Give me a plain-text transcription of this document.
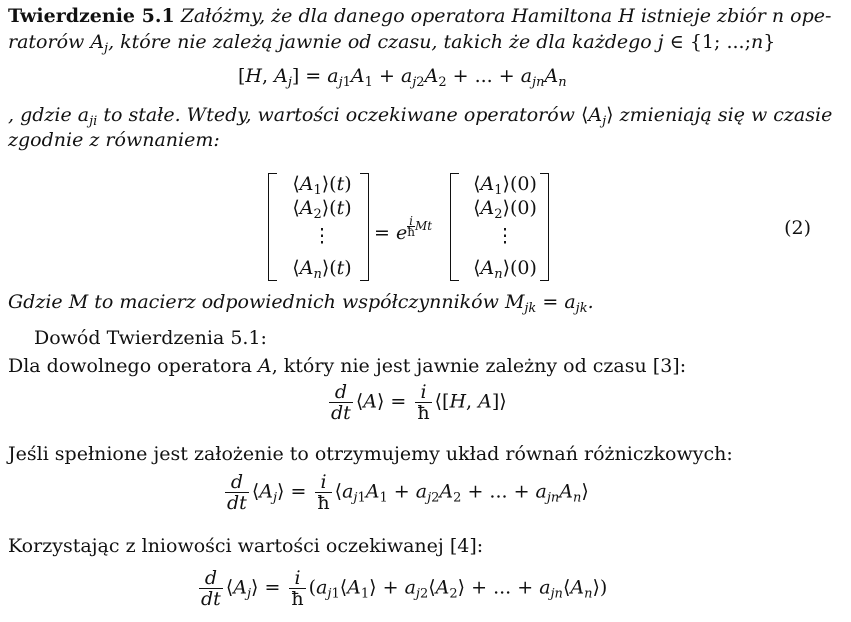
Twierdzenie 5.1 Załóżmy, że dla danego operatora Hamiltona H istnieje zbiór n ope-
ratorów $A_j$, które nie zależą jawnie od czasu, takich że dla każdego j ∈ {1; ...;n}
[H, $A_j] = a_{j1}A_1 + a_{j2}A_2$ + ... + $a_{jn}A_n$
, gdzie $a_{ji}$ to stałe. Wtedy, wartości oczekiwane operatorów $⟨A_j⟩$ zmieniają się w czasie
zgodnie z równaniem:
$⟨A_1⟩(t)$
$⟨A_2⟩(t)$
⋮
$⟨A_n⟩(t)$
= e $^{\frac{i}{ħ} Mt}$
$⟨A_1⟩(0)$
$⟨A_2⟩(0)$
⋮
$⟨A_n⟩(0)$
(2)
Gdzie M to macierz odpowiednich współczynników $M_{jk} = a_{jk}$.
Dowód Twierdzenia 5.1:
Dla dowolnego operatora A, który nie jest jawnie zależny od czasu [3]:
$\frac{d}{dt}$ ⟨A⟩ = $\frac{i}{ħ}$ ⟨[H, A]⟩
Jeśli spełnione jest założenie to otrzymujemy układ równań różniczkowych:
$\frac{d}{dt}$ $⟨A_j⟩ = \frac{i}{ħ}$ $⟨a_{j1}A_1 + a_{j2}A_2$ + ... + $a_{jn}A_n⟩$
Korzystając z lniowości wartości oczekiwanej [4]:
$\frac{d}{dt}$ $⟨A_j⟩ = \frac{i}{ħ}$ ($a_{j1}⟨A_1⟩$ + $a_{j2}⟨A_2⟩$ + ... + $a_{jn}⟨A_n⟩$)
